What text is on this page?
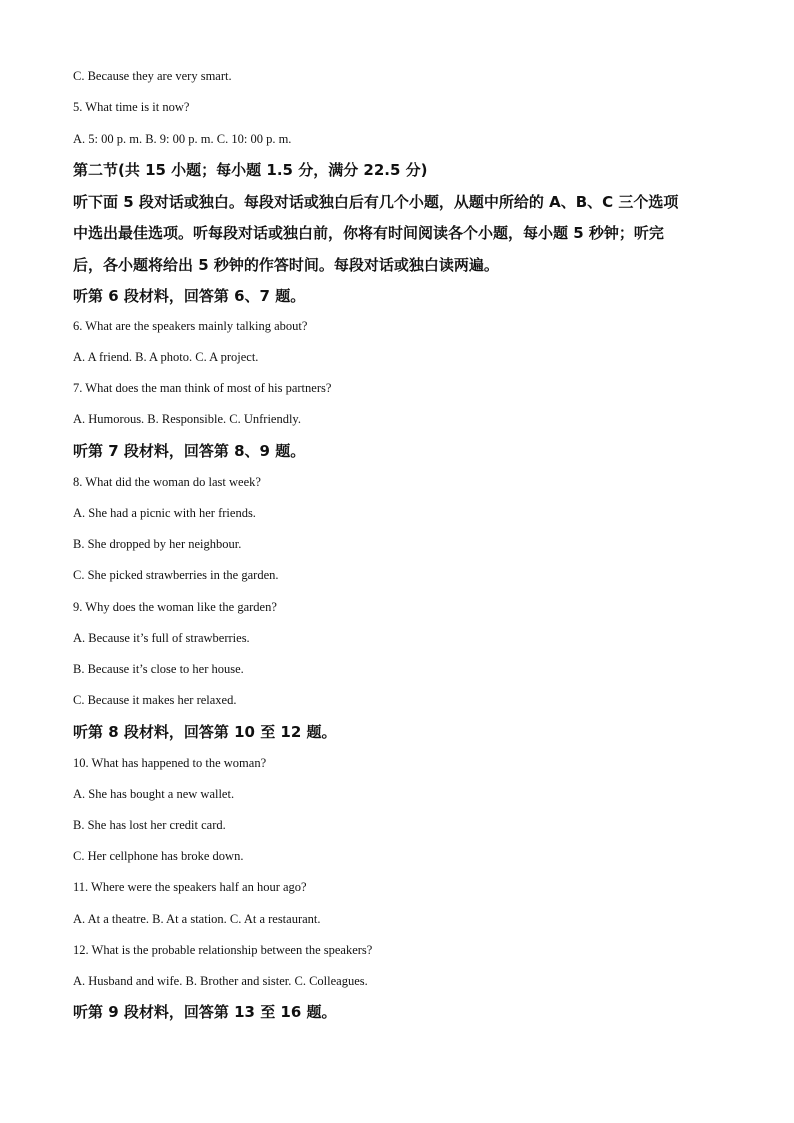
C. Because they are very smart.
5. What time is it now?
A. 5: 00 p. m. B. 9: 00 p. m. C. 10: 00 p. m.
第二节(共 15 小题；每小题 1.5 分，满分 22.5 分)
听下面 5 段对话或独白。每段对话或独白后有几个小题，从题中所给的 A、B、C 三个选项
中选出最佳选项。听每段对话或独白前，你将有时间阅读各个小题，每小题 5 秒钟；听完
后，各小题将给出 5 秒钟的作答时间。每段对话或独白读两遍。
听第 6 段材料，回答第 6、7 题。
6. What are the speakers mainly talking about?
A. A friend. B. A photo. C. A project.
7. What does the man think of most of his partners?
A. Humorous. B. Responsible. C. Unfriendly.
听第 7 段材料，回答第 8、9 题。
8. What did the woman do last week?
A. She had a picnic with her friends.
B. She dropped by her neighbour.
C. She picked strawberries in the garden.
9. Why does the woman like the garden?
A. Because it’s full of strawberries.
B. Because it’s close to her house.
C. Because it makes her relaxed.
听第 8 段材料，回答第 10 至 12 题。
10. What has happened to the woman?
A. She has bought a new wallet.
B. She has lost her credit card.
C. Her cellphone has broke down.
11. Where were the speakers half an hour ago?
A. At a theatre. B. At a station. C. At a restaurant.
12. What is the probable relationship between the speakers?
A. Husband and wife. B. Brother and sister. C. Colleagues.
听第 9 段材料，回答第 13 至 16 题。
